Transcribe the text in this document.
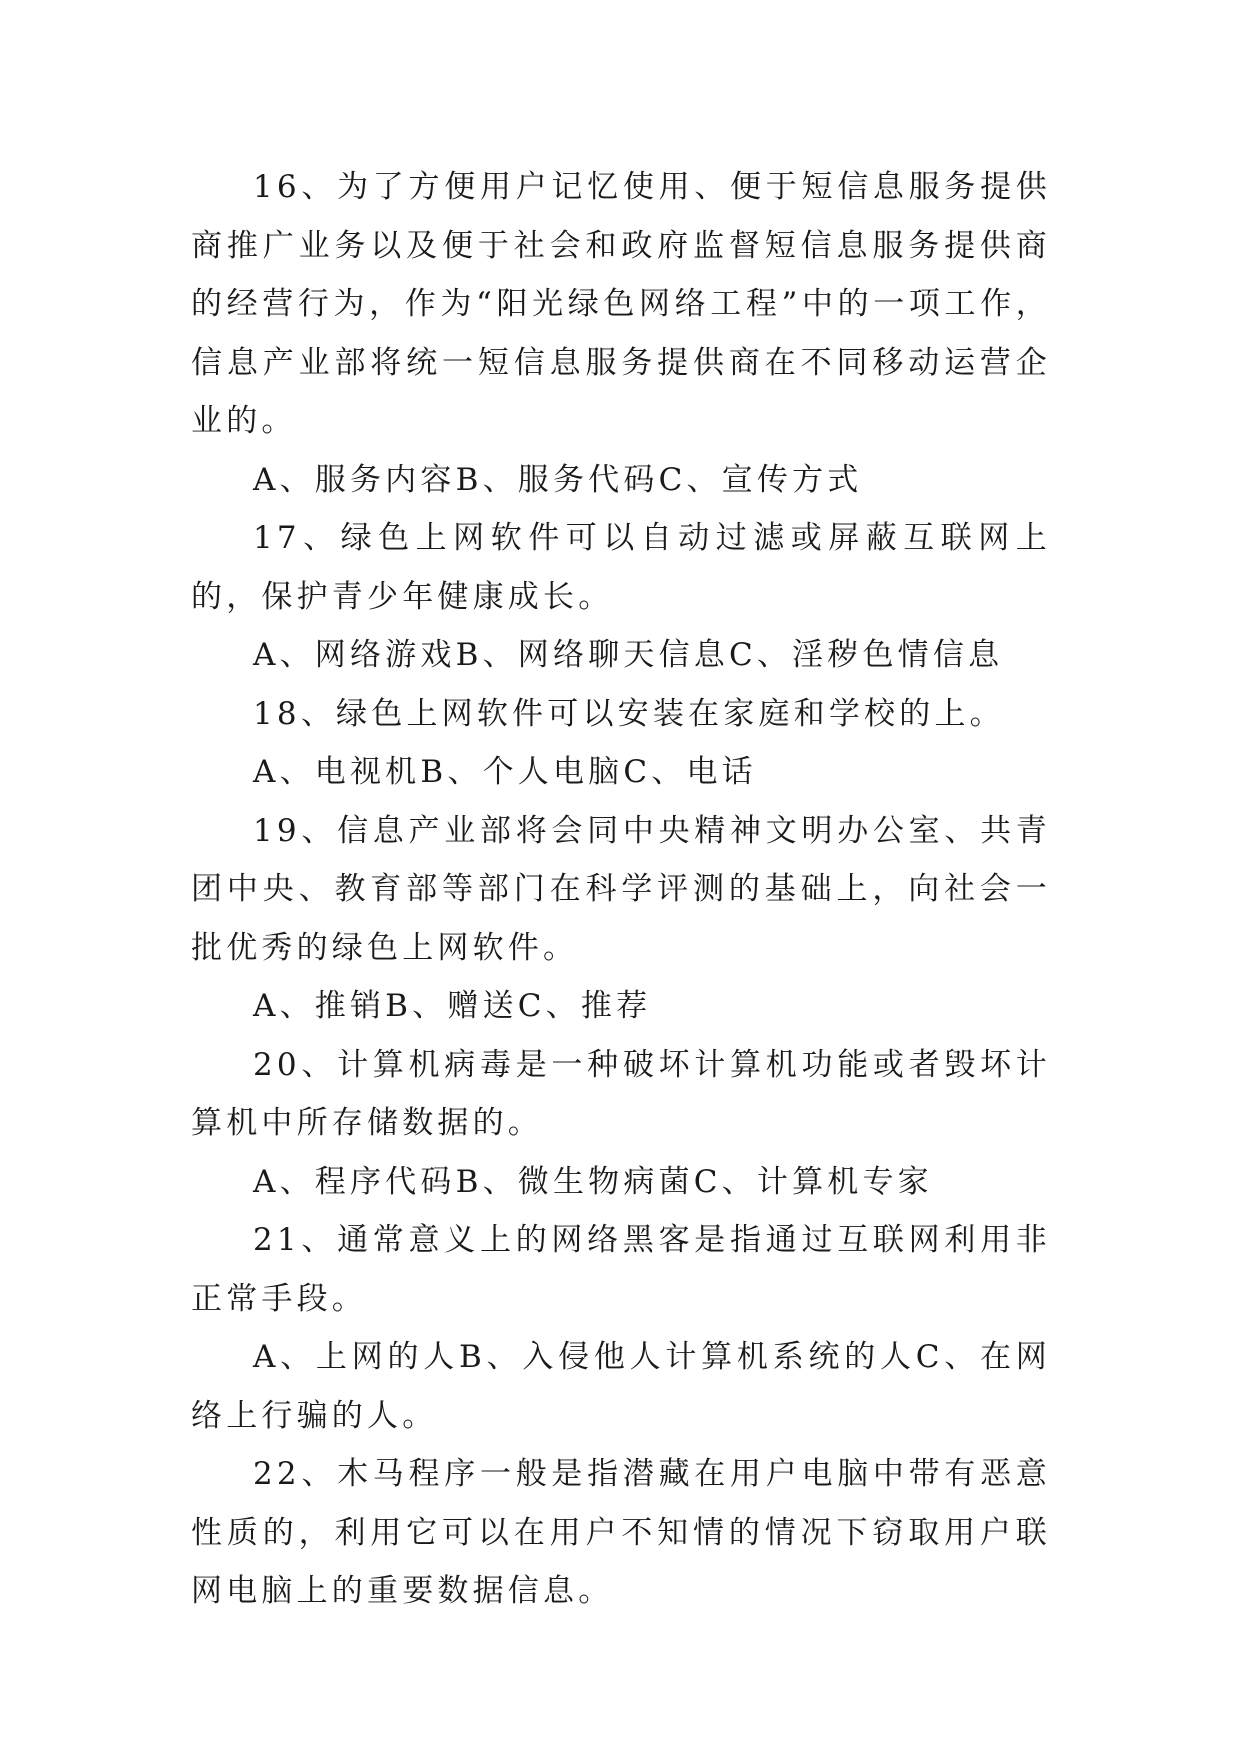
16、为了方便用户记忆使用、便于短信息服务提供商推广业务以及便于社会和政府监督短信息服务提供商的经营行为，作为“阳光绿色网络工程”中的一项工作，信息产业部将统一短信息服务提供商在不同移动运营企业的。

A、服务内容B、服务代码C、宣传方式

17、绿色上网软件可以自动过滤或屏蔽互联网上的，保护青少年健康成长。

A、网络游戏B、网络聊天信息C、淫秽色情信息

18、绿色上网软件可以安装在家庭和学校的上。

A、电视机B、个人电脑C、电话

19、信息产业部将会同中央精神文明办公室、共青团中央、教育部等部门在科学评测的基础上，向社会一批优秀的绿色上网软件。

A、推销B、赠送C、推荐

20、计算机病毒是一种破坏计算机功能或者毁坏计算机中所存储数据的。

A、程序代码B、微生物病菌C、计算机专家

21、通常意义上的网络黑客是指通过互联网利用非正常手段。

A、上网的人B、入侵他人计算机系统的人C、在网络上行骗的人。

22、木马程序一般是指潜藏在用户电脑中带有恶意性质的，利用它可以在用户不知情的情况下窃取用户联网电脑上的重要数据信息。
